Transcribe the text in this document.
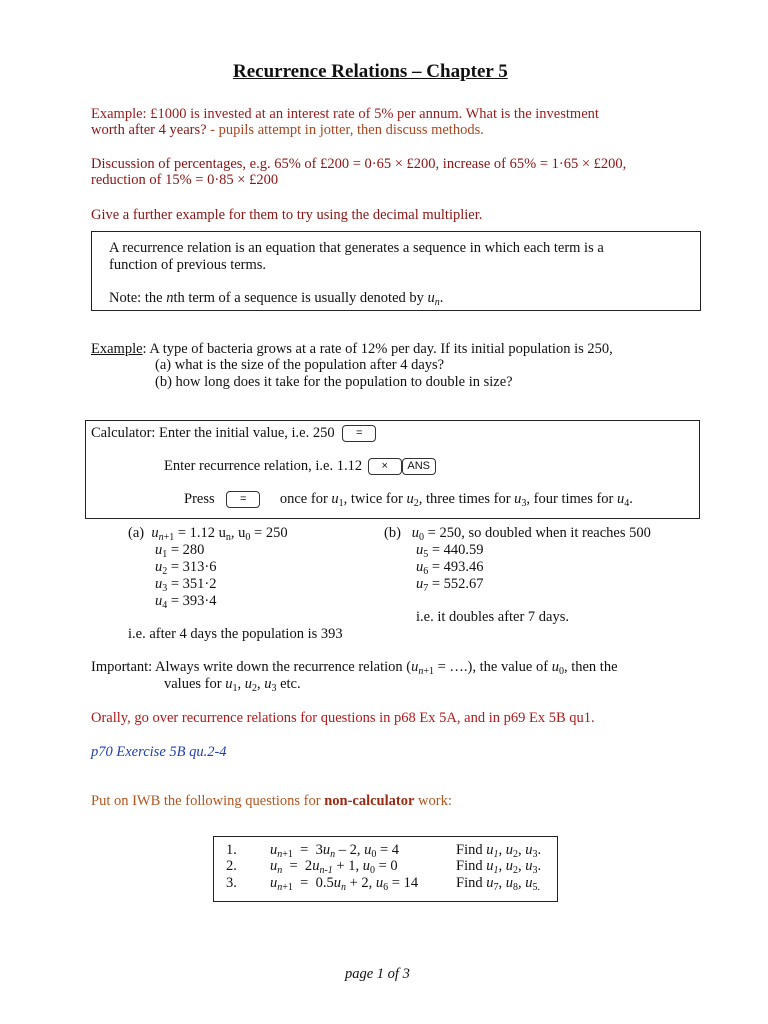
Recurrence Relations – Chapter 5
Example: £1000 is invested at an interest rate of 5% per annum. What is the investment
worth after 4 years? - pupils attempt in jotter, then discuss methods.
Discussion of percentages, e.g. 65% of £200 = 0·65 × £200, increase of 65% = 1·65 × £200,
reduction of 15% = 0·85 × £200
Give a further example for them to try using the decimal multiplier.
A recurrence relation is an equation that generates a sequence in which each term is a
function of previous terms.
Note: the nth term of a sequence is usually denoted by $u_n$.
Example: A type of bacteria grows at a rate of 12% per day. If its initial population is 250,
(a) what is the size of the population after 4 days?
(b) how long does it take for the population to double in size?
Calculator: Enter the initial value, i.e. 250 =
Enter recurrence relation, i.e. 1.12 × ANS
Press = once for $u_1$, twice for $u_2$, three times for $u_3$, four times for $u_4$.
(a) $u_{n+1} = 1.12$ $u_n$, $u_0 = 250$
$u_1 = 280$
$u_2 = 313\cdot 6$
$u_3 = 351\cdot 2$
$u_4 = 393\cdot 4$
i.e. after 4 days the population is 393
(b) $u_0 = 250$, so doubled when it reaches 500
$u_5 = 440.59$
$u_6 = 493.46$
$u_7 = 552.67$
i.e. it doubles after 7 days.
Important: Always write down the recurrence relation ($u_{n+1}$ = ….), the value of $u_0$, then the
values for $u_1$, $u_2$, $u_3$ etc.
Orally, go over recurrence relations for questions in p68 Ex 5A, and in p69 Ex 5B qu1.
p70 Exercise 5B qu.2-4
Put on IWB the following questions for non-calculator work:
1. $u_{n+1} = 3u_n - 2$, $u_0 = 4$	Find $u_1$, $u_2$, $u_3$.
2. $u_n = 2u_{n-1} + 1$, $u_0 = 0$	Find $u_1$, $u_2$, $u_3$.
3. $u_{n+1} = 0.5u_n + 2$, $u_6 = 14$	Find $u_7$, $u_8$, $u_{5.}$
page 1 of 3
